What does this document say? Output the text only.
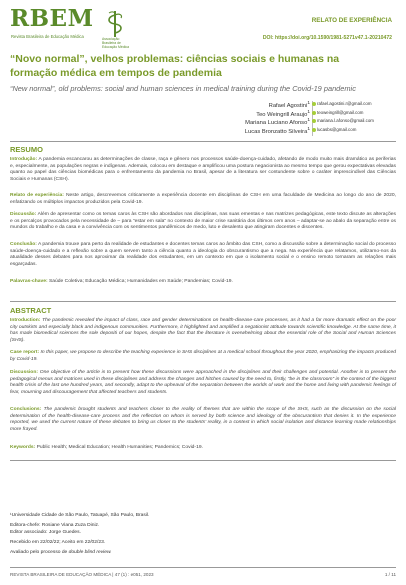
RBEM
Revista Brasileira de Educação Médica	Associação Brasileira de
Educação Médica
RELATO DE EXPERIÊNCIA
DOI: https://doi.org/10.1590/1981-5271v47.1-20210472
“Novo normal”, velhos problemas: ciências sociais e humanas na formação médica em tempos de pandemia
“New normal”, old problems: social and human sciences in medical training during the Covid-19 pandemic
Rafael Agostini$^1$ rafael.agostini.r@gmail.com
Teo Weingrill Araujo$^1$ teoweingrill@gmail.com
Mariana Luciano Afonso$^1$ mariana.l.afonso@gmail.com
Lucas Bronzatto Silveira$^1$ lucasbs@gmail.com
RESUMO
Introdução: A pandemia escancarou as determinações de classe, raça e gênero nos processos saúde-doença-cuidado, afetando de modo muito mais dramático as periferias e, especialmente, as populações negras e indígenas. Ademais, colocou em destaque e amplificou uma postura negacionista ao mesmo tempo que gerou expectativas elevadas quanto ao papel das ciências biomédicas para o enfrentamento da pandemia no Brasil, apesar de a literatura ser contundente sobre o caráter imprescindível das Ciências Sociais e Humanas (CSH).
Relato de experiência: Neste artigo, descrevemos criticamente a experiência docente em disciplinas de CSH em uma faculdade de Medicina ao longo do ano de 2020, enfatizando os múltiplos impactos produzidos pela Covid-19.
Discussão: Além de apresentar como os temas caros às CSH são abordados nas disciplinas, nas suas ementas e nas matrizes pedagógicas, este texto discute as alterações e os percalços provocados pela necessidade de – para “estar em sala” no contexto de maior crise sanitária dos últimos cem anos – adaptar-se ao abalo da separação entre os mundos do trabalho e da casa e a convivência com os sentimentos pandêmicos de medo, luto e desalento que atingiram docentes e discentes.
Conclusão: A pandemia trouxe para perto da realidade de estudantes e docentes temas caros ao âmbito das CSH, como a discussão sobre a determinação social do processo saúde-doença-cuidado e a reflexão sobre a quem servem tanto a ciência quanto a ideologia do obscurantismo que a nega. Na experiência que relatamos, utilizamo-nos da atualidade desses debates para nos aproximar da realidade dos estudantes, em um contexto em que o isolamento social e o ensino remoto tornaram as relações mais esgarçadas.
Palavras-chave: Saúde Coletiva; Educação Médica; Humanidades em Saúde; Pandemias; Covid-19.
ABSTRACT
Introduction: The pandemic revealed the impact of class, race and gender determinations on health-disease-care processes, as it had a far more dramatic effect on the poor city outskirts and especially black and indigenous communities. Furthermore, it highlighted and amplified a negationist attitude towards scientific knowledge. At the same time, it has made biomedical sciences the sole depositi of our hopes, despite the fact that the literature is overwhelming about the essential role of the Social and Human Sciences (SHS).
Case report: In this paper, we propose to describe the teaching experience in SHS disciplines at a medical school throughout the year 2020, emphasizing the impacts produced by Covid-19.
Discussion: One objective of the article is to present how these discussions were approached in the disciplines and their challenges and potential. Another is to present the pedagogical menus and matrices used in these disciplines and address the changes and hitches caused by the need to, firstly, “be in the classroom” in the context of the biggest health crisis of the last one hundred years, and secondly, adapt to the upheaval of the separation between the worlds of work and the home and living with pandemic feelings of fear, mourning and discouragement that affected teachers and students.
Conclusions: The pandemic brought students and teachers closer to the reality of themes that are within the scope of the SHS, such as the discussion on the social determination of the health-disease-care process and the reflection on whom is served by both science and ideology of the obscurantism that denies it. In the experience reported, we used the current nature of these debates to bring us closer to the students’ reality, in a context in which social isolation and distance learning made relationships more frayed.
Keywords: Public Health; Medical Education; Health Humanities; Pandemics; Covid-19.
¹Universidade Cidade de São Paulo, Tatuapé, São Paulo, Brasil.
Editora-chefe: Rosiane Viana Zuza Diniz.
Editor associado: Jorge Guedes.
Recebido em 22/02/22; Aceito em 22/02/23.
Avaliado pelo processo de double blind review.
REVISTA BRASILEIRA DE EDUCAÇÃO MÉDICA | 47 (1) : e051, 2023	1 / 11
